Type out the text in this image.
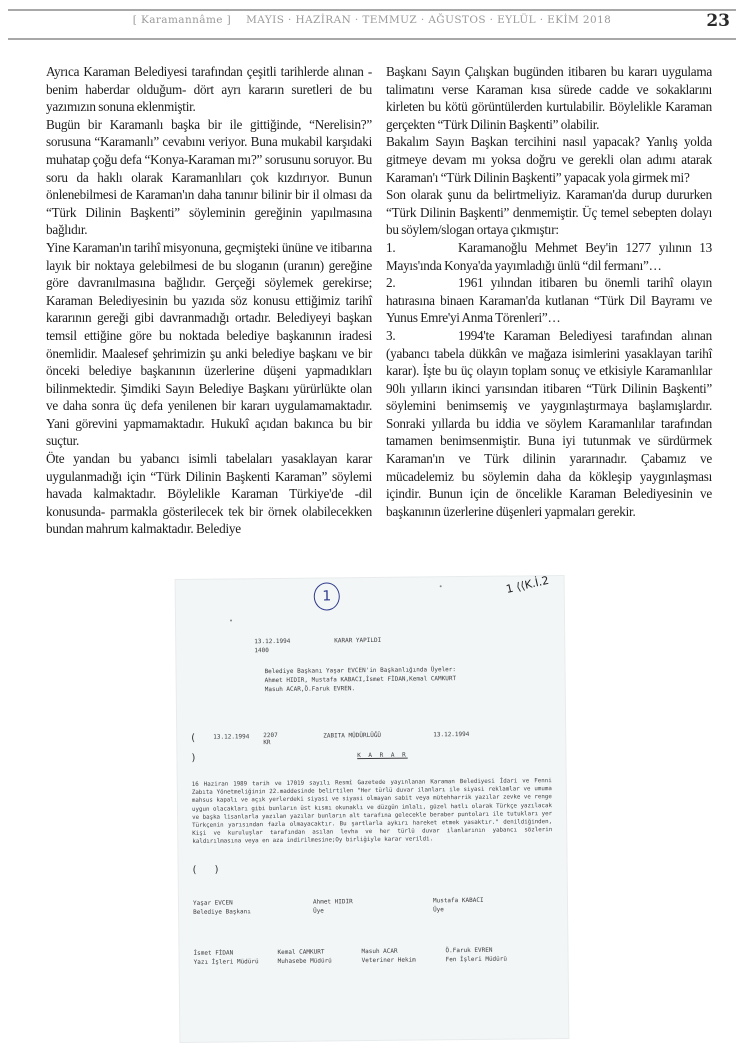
[ Karamannâme ] MAYIS · HAZİRAN · TEMMUZ · AĞUSTOS · EYLÜL · EKİM 2018	23

Ayrıca Karaman Belediyesi tarafından çeşitli tarihlerde alınan -benim haberdar olduğum- dört ayrı kararın suretleri de bu yazımızın sonuna eklenmiştir.

Bugün bir Karamanlı başka bir ile gittiğinde, “Nerelisin?” sorusuna “Karamanlı” cevabını veriyor. Buna mukabil karşıdaki muhatap çoğu defa “Konya-Karaman mı?” sorusunu soruyor. Bu soru da haklı olarak Karamanlıları çok kızdırıyor. Bunun önlenebilmesi de Karaman'ın daha tanınır bilinir bir il olması da “Türk Dilinin Başkenti” söyleminin gereğinin yapılmasına bağlıdır.

Yine Karaman'ın tarihî misyonuna, geçmişteki ününe ve itibarına layık bir noktaya gelebilmesi de bu sloganın (uranın) gereğine göre davranılmasına bağlıdır. Gerçeği söylemek gerekirse; Karaman Belediyesinin bu yazıda söz konusu ettiğimiz tarihî kararının gereği gibi davranmadığı ortadır. Belediyeyi başkan temsil ettiğine göre bu noktada belediye başkanının iradesi önemlidir. Maalesef şehrimizin şu anki belediye başkanı ve bir önceki belediye başkanının üzerlerine düşeni yapmadıkları bilinmektedir. Şimdiki Sayın Belediye Başkanı yürürlükte olan ve daha sonra üç defa yenilenen bir kararı uygulamamaktadır. Yani görevini yapmamaktadır. Hukukî açıdan bakınca bu bir suçtur.

Öte yandan bu yabancı isimli tabelaları yasaklayan karar uygulanmadığı için “Türk Dilinin Başkenti Karaman” söylemi havada kalmaktadır. Böylelikle Karaman Türkiye'de -dil konusunda- parmakla gösterilecek tek bir örnek olabilecekken bundan mahrum kalmaktadır. Belediye

Başkanı Sayın Çalışkan bugünden itibaren bu kararı uygulama talimatını verse Karaman kısa sürede cadde ve sokaklarını kirleten bu kötü görüntülerden kurtulabilir. Böylelikle Karaman gerçekten “Türk Dilinin Başkenti” olabilir.

Bakalım Sayın Başkan tercihini nasıl yapacak? Yanlış yolda gitmeye devam mı yoksa doğru ve gerekli olan adımı atarak Karaman'ı “Türk Dilinin Başkenti” yapacak yola girmek mi?

Son olarak şunu da belirtmeliyiz. Karaman'da durup dururken “Türk Dilinin Başkenti” denmemiştir. Üç temel sebepten dolayı bu söylem/slogan ortaya çıkmıştır:

1.	Karamanoğlu Mehmet Bey'in 1277 yılının 13

Mayıs'ında Konya'da yayımladığı ünlü “dil fermanı”…

2.	1961 yılından itibaren bu önemli tarihî olayın

hatırasına binaen Karaman'da kutlanan “Türk Dil Bayramı ve Yunus Emre'yi Anma Törenleri”…

3.	1994'te Karaman Belediyesi tarafından alınan

(yabancı tabela dükkân ve mağaza isimlerini yasaklayan tarihî karar). İşte bu üç olayın toplam sonuç ve etkisiyle Karamanlılar 90lı yılların ikinci yarısından itibaren “Türk Dilinin Başkenti” söylemini benimsemiş ve yaygınlaştırmaya başlamışlardır. Sonraki yıllarda bu iddia ve söylem Karamanlılar tarafından tamamen benimsenmiştir. Buna iyi tutunmak ve sürdürmek Karaman'ın ve Türk dilinin yararınadır. Çabamız ve mücadelemiz bu söylemin daha da kökleşip yaygınlaşması içindir. Bunun için de öncelikle Karaman Belediyesinin ve başkanının üzerlerine düşenleri yapmaları gerekir.

1
1 ⟨⟨K.İ.2
13.12.1994
1400
KARAR YAPILDI
Belediye Başkanı Yaşar EVCEN'in Başkanlığında Üyeler:
Ahmet HIDIR, Mustafa KABACI,İsmet FİDAN,Kemal CAMKURT
Masuh ACAR,Ö.Faruk EVREN.
(	13.12.1994	2207
KR
ZABITA MÜDÜRLÜĞÜ	13.12.1994
)	K A R A R
16 Haziran 1989 tarih ve 17019 sayılı Resmî Gazetede yayınlanan Karaman Belediyesi İdari ve Fenni Zabıta Yönetmeliğinin 22.maddesinde belirtilen "Her türlü duvar ilanları ile siyasi reklamlar ve umuma mahsus kapalı ve açık yerlerdeki siyasi ve siyasi olmayan sabit veya mütehharrik yazılar zevke ve renge uygun olacakları gibi bunların üst kısmı okunaklı ve düzgün imlalı, güzel hatlı olarak Türkçe yazılacak ve başka lisanlarla yazılan yazılar bunların alt tarafına gelecekle beraber puntoları ile tutukları yer Türkçenin yarısından fazla olmayacaktır. Bu şartlarla aykırı hareket etmek yasaktır." denildiğinden, Kişi ve kuruluşlar tarafından asılan levha ve her türlü duvar ilanlarının yabancı sözlerin kaldırılmasına veya en aza indirilmesine;Oy birliğiyle karar verildi.
(	)
Yaşar EVCEN
Belediye Başkanı
Ahmet HIDIR
Üye
Mustafa KABACI
Üye
İsmet FİDAN
Yazı İşleri Müdürü
Kemal CAMKURT
Muhasebe Müdürü
Masuh ACAR
Veteriner Hekim
Ö.Faruk EVREN
Fen İşleri Müdürü
